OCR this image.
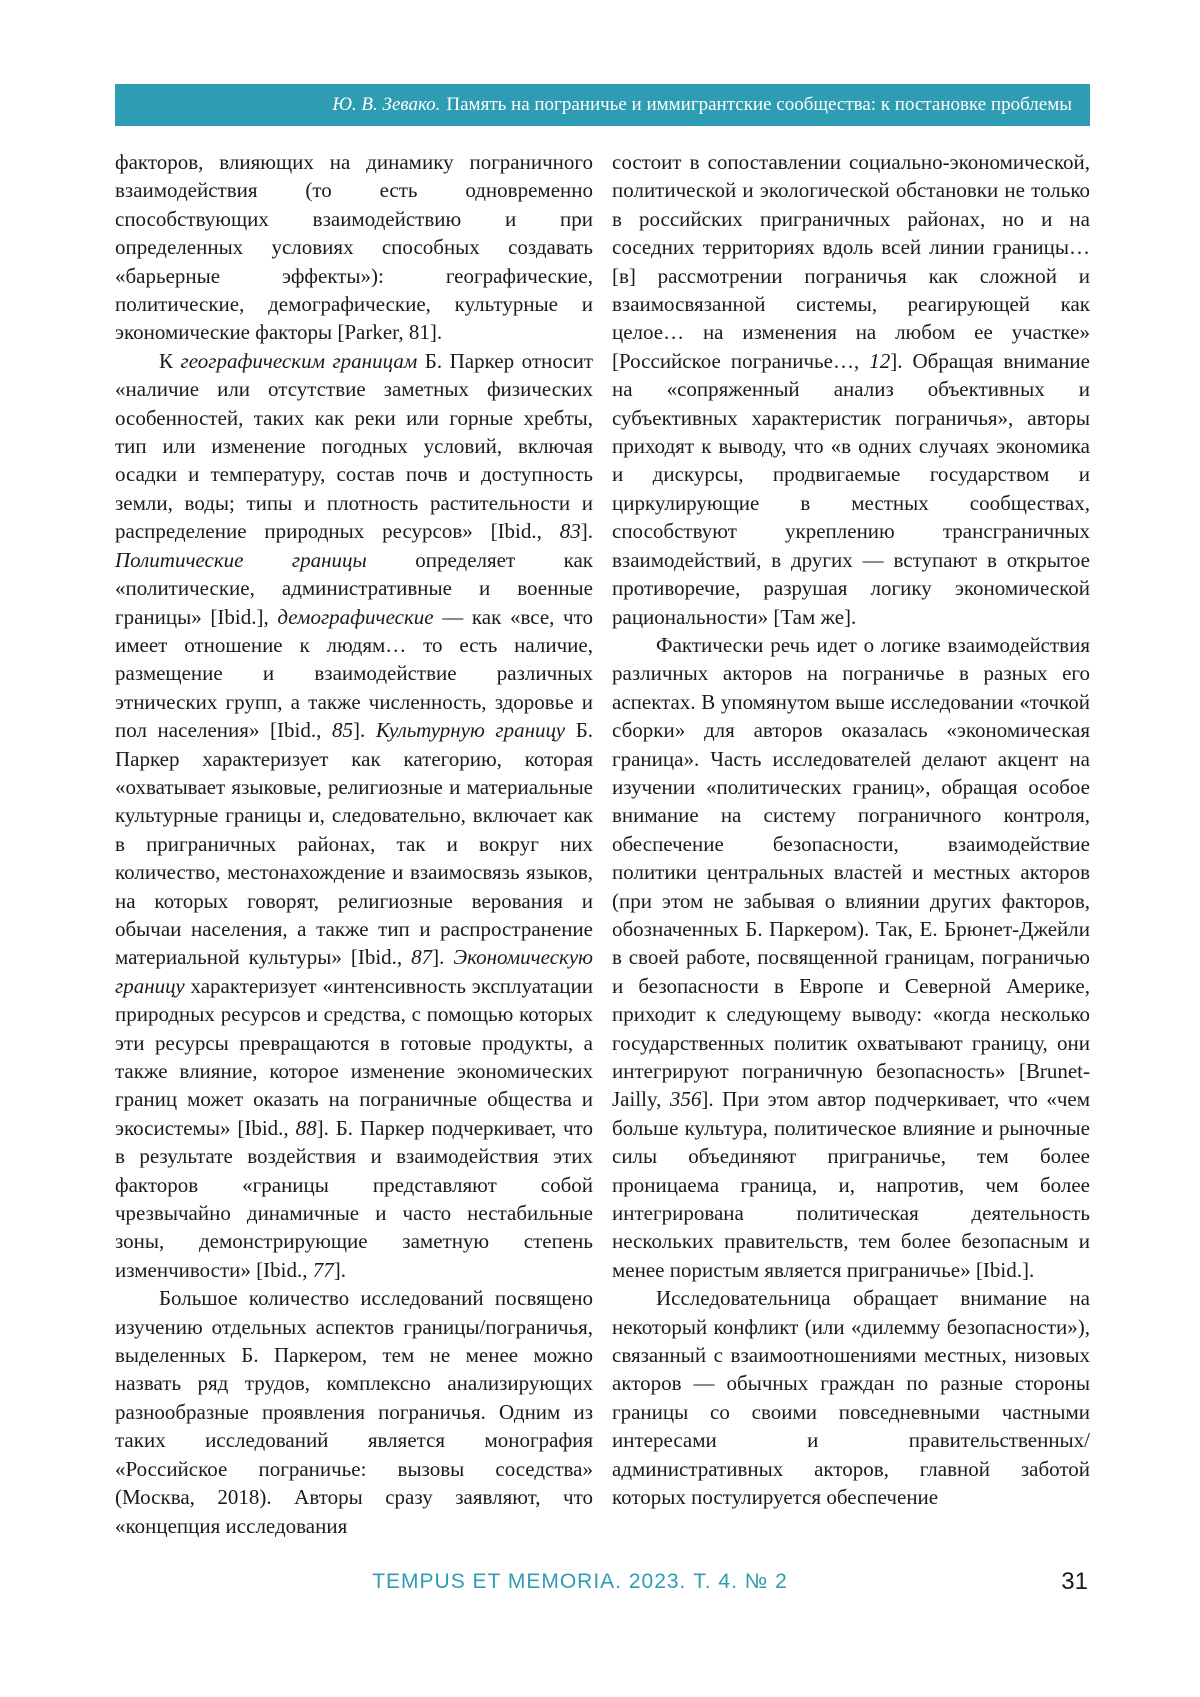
Ю. В. Зевако. Память на пограничье и иммигрантские сообщества: к постановке проблемы

факторов, влияющих на динамику пограничного взаимодействия (то есть одновременно способствующих взаимодействию и при определенных условиях способных создавать «барьерные эффекты»): географические, политические, демографические, культурные и экономические факторы [Parker, 81].

К географическим границам Б. Паркер относит «наличие или отсутствие заметных физических особенностей, таких как реки или горные хребты, тип или изменение погодных условий, включая осадки и температуру, состав почв и доступность земли, воды; типы и плотность растительности и распределение природных ресурсов» [Ibid., 83]. Политические границы определяет как «политические, административные и военные границы» [Ibid.], демографические — как «все, что имеет отношение к людям… то есть наличие, размещение и взаимодействие различных этнических групп, а также численность, здоровье и пол населения» [Ibid., 85]. Культурную границу Б. Паркер характеризует как категорию, которая «охватывает языковые, религиозные и материальные культурные границы и, следовательно, включает как в приграничных районах, так и вокруг них количество, местонахождение и взаимосвязь языков, на которых говорят, религиозные верования и обычаи населения, а также тип и распространение материальной культуры» [Ibid., 87]. Экономическую границу характеризует «интенсивность эксплуатации природных ресурсов и средства, с помощью которых эти ресурсы превращаются в готовые продукты, а также влияние, которое изменение экономических границ может оказать на пограничные общества и экосистемы» [Ibid., 88]. Б. Паркер подчеркивает, что в результате воздействия и взаимодействия этих факторов «границы представляют собой чрезвычайно динамичные и часто нестабильные зоны, демонстрирующие заметную степень изменчивости» [Ibid., 77].

Большое количество исследований посвящено изучению отдельных аспектов границы/пограничья, выделенных Б. Паркером, тем не менее можно назвать ряд трудов, комплексно анализирующих разнообразные проявления пограничья. Одним из таких исследований является монография «Российское пограничье: вызовы соседства» (Москва, 2018). Авторы сразу заявляют, что «концепция исследования

состоит в сопоставлении социально-экономической, политической и экологической обстановки не только в российских приграничных районах, но и на соседних территориях вдоль всей линии границы… [в] рассмотрении пограничья как сложной и взаимосвязанной системы, реагирующей как целое… на изменения на любом ее участке» [Российское пограничье…, 12]. Обращая внимание на «сопряженный анализ объективных и субъективных характеристик пограничья», авторы приходят к выводу, что «в одних случаях экономика и дискурсы, продвигаемые государством и циркулирующие в местных сообществах, способствуют укреплению трансграничных взаимодействий, в других — вступают в открытое противоречие, разрушая логику экономической рациональности» [Там же].

Фактически речь идет о логике взаимодействия различных акторов на пограничье в разных его аспектах. В упомянутом выше исследовании «точкой сборки» для авторов оказалась «экономическая граница». Часть исследователей делают акцент на изучении «политических границ», обращая особое внимание на систему пограничного контроля, обеспечение безопасности, взаимодействие политики центральных властей и местных акторов (при этом не забывая о влиянии других факторов, обозначенных Б. Паркером). Так, Е. Брюнет-Джейли в своей работе, посвященной границам, пограничью и безопасности в Европе и Северной Америке, приходит к следующему выводу: «когда несколько государственных политик охватывают границу, они интегрируют пограничную безопасность» [Brunet-Jailly, 356]. При этом автор подчеркивает, что «чем больше культура, политическое влияние и рыночные силы объединяют приграничье, тем более проницаема граница, и, напротив, чем более интегрирована политическая деятельность нескольких правительств, тем более безопасным и менее пористым является приграничье» [Ibid.].

Исследовательница обращает внимание на некоторый конфликт (или «дилемму безопасности»), связанный с взаимоотношениями местных, низовых акторов — обычных граждан по разные стороны границы со своими повседневными частными интересами и правительственных/административных акторов, главной заботой которых постулируется обеспечение

TEMPUS ET MEMORIA. 2023. Т. 4. № 2	31
